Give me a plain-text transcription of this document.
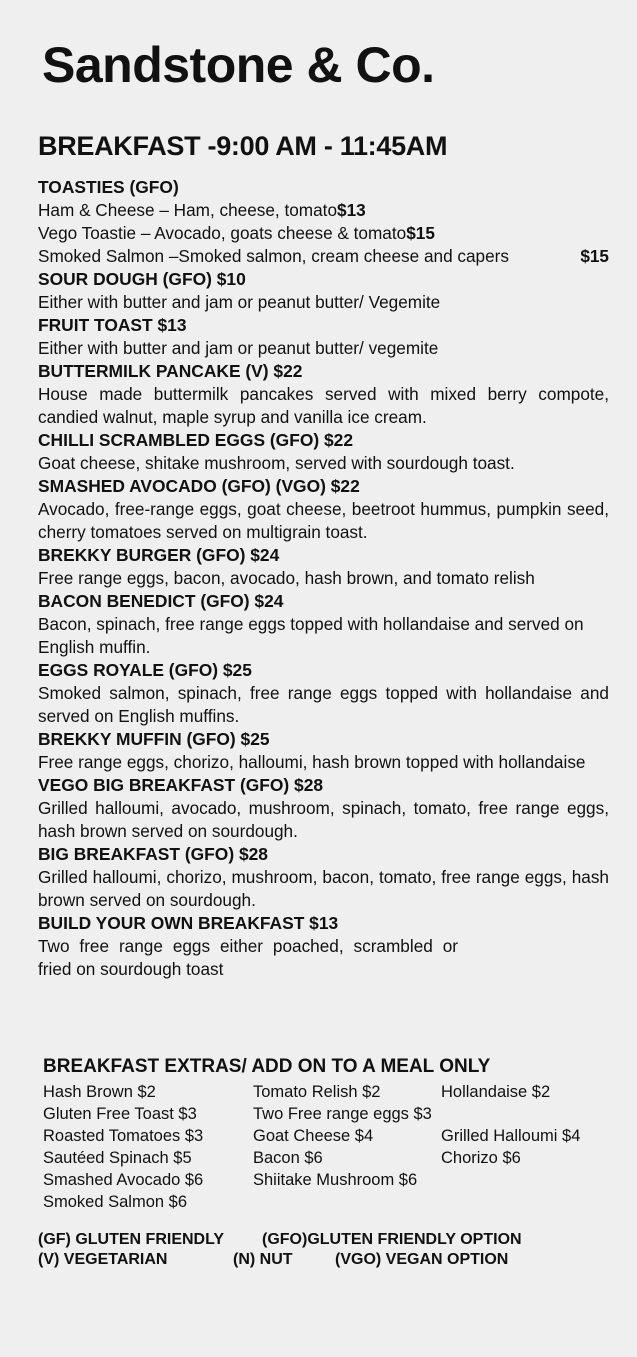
Sandstone & Co.
BREAKFAST -9:00 AM - 11:45AM
TOASTIES (GFO)
Ham & Cheese – Ham, cheese, tomato $13
Vego Toastie – Avocado, goats cheese & tomato $15
Smoked Salmon –Smoked salmon, cream cheese and capers	$15
SOUR DOUGH (GFO) $10
Either with butter and jam or peanut butter/ Vegemite
FRUIT TOAST $13
Either with butter and jam or peanut butter/ vegemite
BUTTERMILK PANCAKE (V) $22
House made buttermilk pancakes served with mixed berry compote, candied walnut, maple syrup and vanilla ice cream.
CHILLI SCRAMBLED EGGS (GFO) $22
Goat cheese, shitake mushroom, served with sourdough toast.
SMASHED AVOCADO (GFO) (VGO) $22
Avocado, free-range eggs, goat cheese, beetroot hummus, pumpkin seed, cherry tomatoes served on multigrain toast.
BREKKY BURGER (GFO) $24
Free range eggs, bacon, avocado, hash brown, and tomato relish
BACON BENEDICT (GFO) $24
Bacon, spinach, free range eggs topped with hollandaise and served on English muffin.
EGGS ROYALE (GFO) $25
Smoked salmon, spinach, free range eggs topped with hollandaise and served on English muffins.
BREKKY MUFFIN (GFO) $25
Free range eggs, chorizo, halloumi, hash brown topped with hollandaise
VEGO BIG BREAKFAST (GFO) $28
Grilled halloumi, avocado, mushroom, spinach, tomato, free range eggs, hash brown served on sourdough.
BIG BREAKFAST (GFO) $28
Grilled halloumi, chorizo, mushroom, bacon, tomato, free range eggs, hash brown served on sourdough.
BUILD YOUR OWN BREAKFAST $13
Two free range eggs either poached, scrambled or fried on sourdough toast
BREAKFAST EXTRAS/ ADD ON TO A MEAL ONLY
Hash Brown $2	Tomato Relish $2	Hollandaise $2
Gluten Free Toast $3	Two Free range eggs $3
Roasted Tomatoes $3	Goat Cheese $4	Grilled Halloumi $4
Sautéed Spinach $5	Bacon $6	Chorizo $6
Smashed Avocado $6	Shiitake Mushroom $6
Smoked Salmon $6
(GF) GLUTEN FRIENDLY (GFO)GLUTEN FRIENDLY OPTION
(V) VEGETARIAN	(N) NUT	(VGO) VEGAN OPTION
